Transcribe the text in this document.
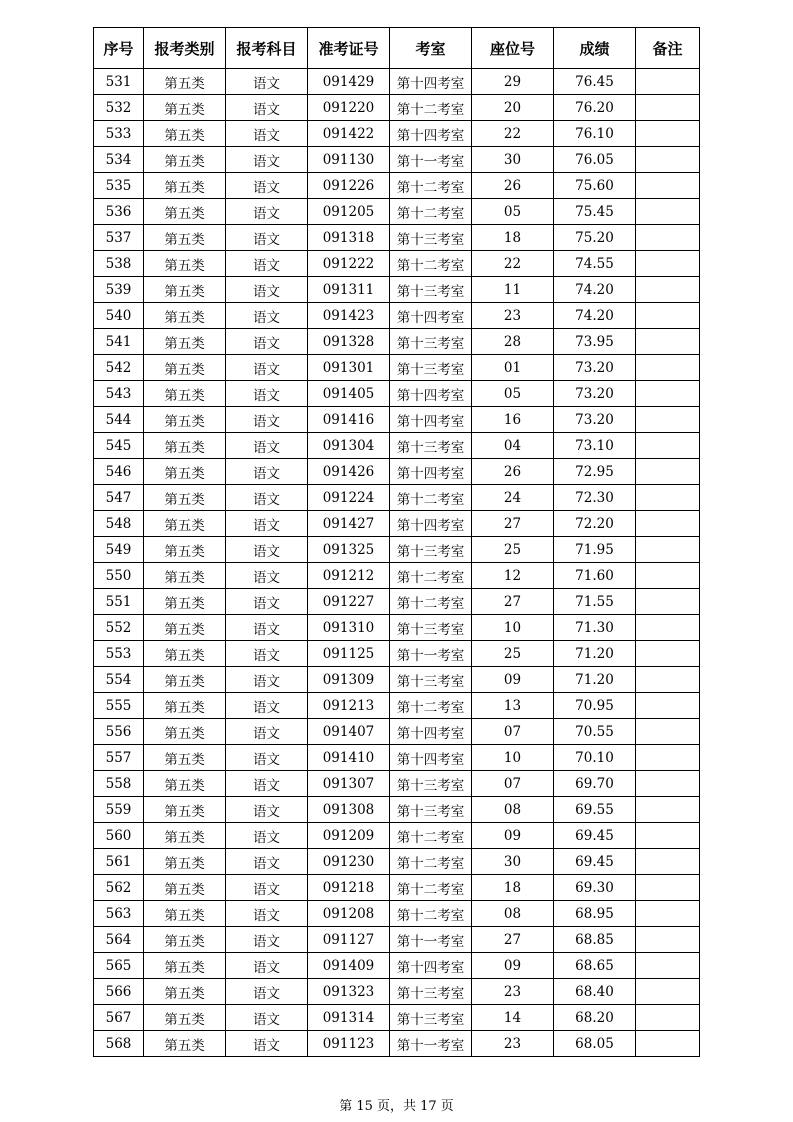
序号	报考类别	报考科目	准考证号	考室	座位号	成绩	备注
531	第五类	语文	091429	第十四考室	29	76.45	
532	第五类	语文	091220	第十二考室	20	76.20	
533	第五类	语文	091422	第十四考室	22	76.10	
534	第五类	语文	091130	第十一考室	30	76.05	
535	第五类	语文	091226	第十二考室	26	75.60	
536	第五类	语文	091205	第十二考室	05	75.45	
537	第五类	语文	091318	第十三考室	18	75.20	
538	第五类	语文	091222	第十二考室	22	74.55	
539	第五类	语文	091311	第十三考室	11	74.20	
540	第五类	语文	091423	第十四考室	23	74.20	
541	第五类	语文	091328	第十三考室	28	73.95	
542	第五类	语文	091301	第十三考室	01	73.20	
543	第五类	语文	091405	第十四考室	05	73.20	
544	第五类	语文	091416	第十四考室	16	73.20	
545	第五类	语文	091304	第十三考室	04	73.10	
546	第五类	语文	091426	第十四考室	26	72.95	
547	第五类	语文	091224	第十二考室	24	72.30	
548	第五类	语文	091427	第十四考室	27	72.20	
549	第五类	语文	091325	第十三考室	25	71.95	
550	第五类	语文	091212	第十二考室	12	71.60	
551	第五类	语文	091227	第十二考室	27	71.55	
552	第五类	语文	091310	第十三考室	10	71.30	
553	第五类	语文	091125	第十一考室	25	71.20	
554	第五类	语文	091309	第十三考室	09	71.20	
555	第五类	语文	091213	第十二考室	13	70.95	
556	第五类	语文	091407	第十四考室	07	70.55	
557	第五类	语文	091410	第十四考室	10	70.10	
558	第五类	语文	091307	第十三考室	07	69.70	
559	第五类	语文	091308	第十三考室	08	69.55	
560	第五类	语文	091209	第十二考室	09	69.45	
561	第五类	语文	091230	第十二考室	30	69.45	
562	第五类	语文	091218	第十二考室	18	69.30	
563	第五类	语文	091208	第十二考室	08	68.95	
564	第五类	语文	091127	第十一考室	27	68.85	
565	第五类	语文	091409	第十四考室	09	68.65	
566	第五类	语文	091323	第十三考室	23	68.40	
567	第五类	语文	091314	第十三考室	14	68.20	
568	第五类	语文	091123	第十一考室	23	68.05	
第 15 页，共 17 页
